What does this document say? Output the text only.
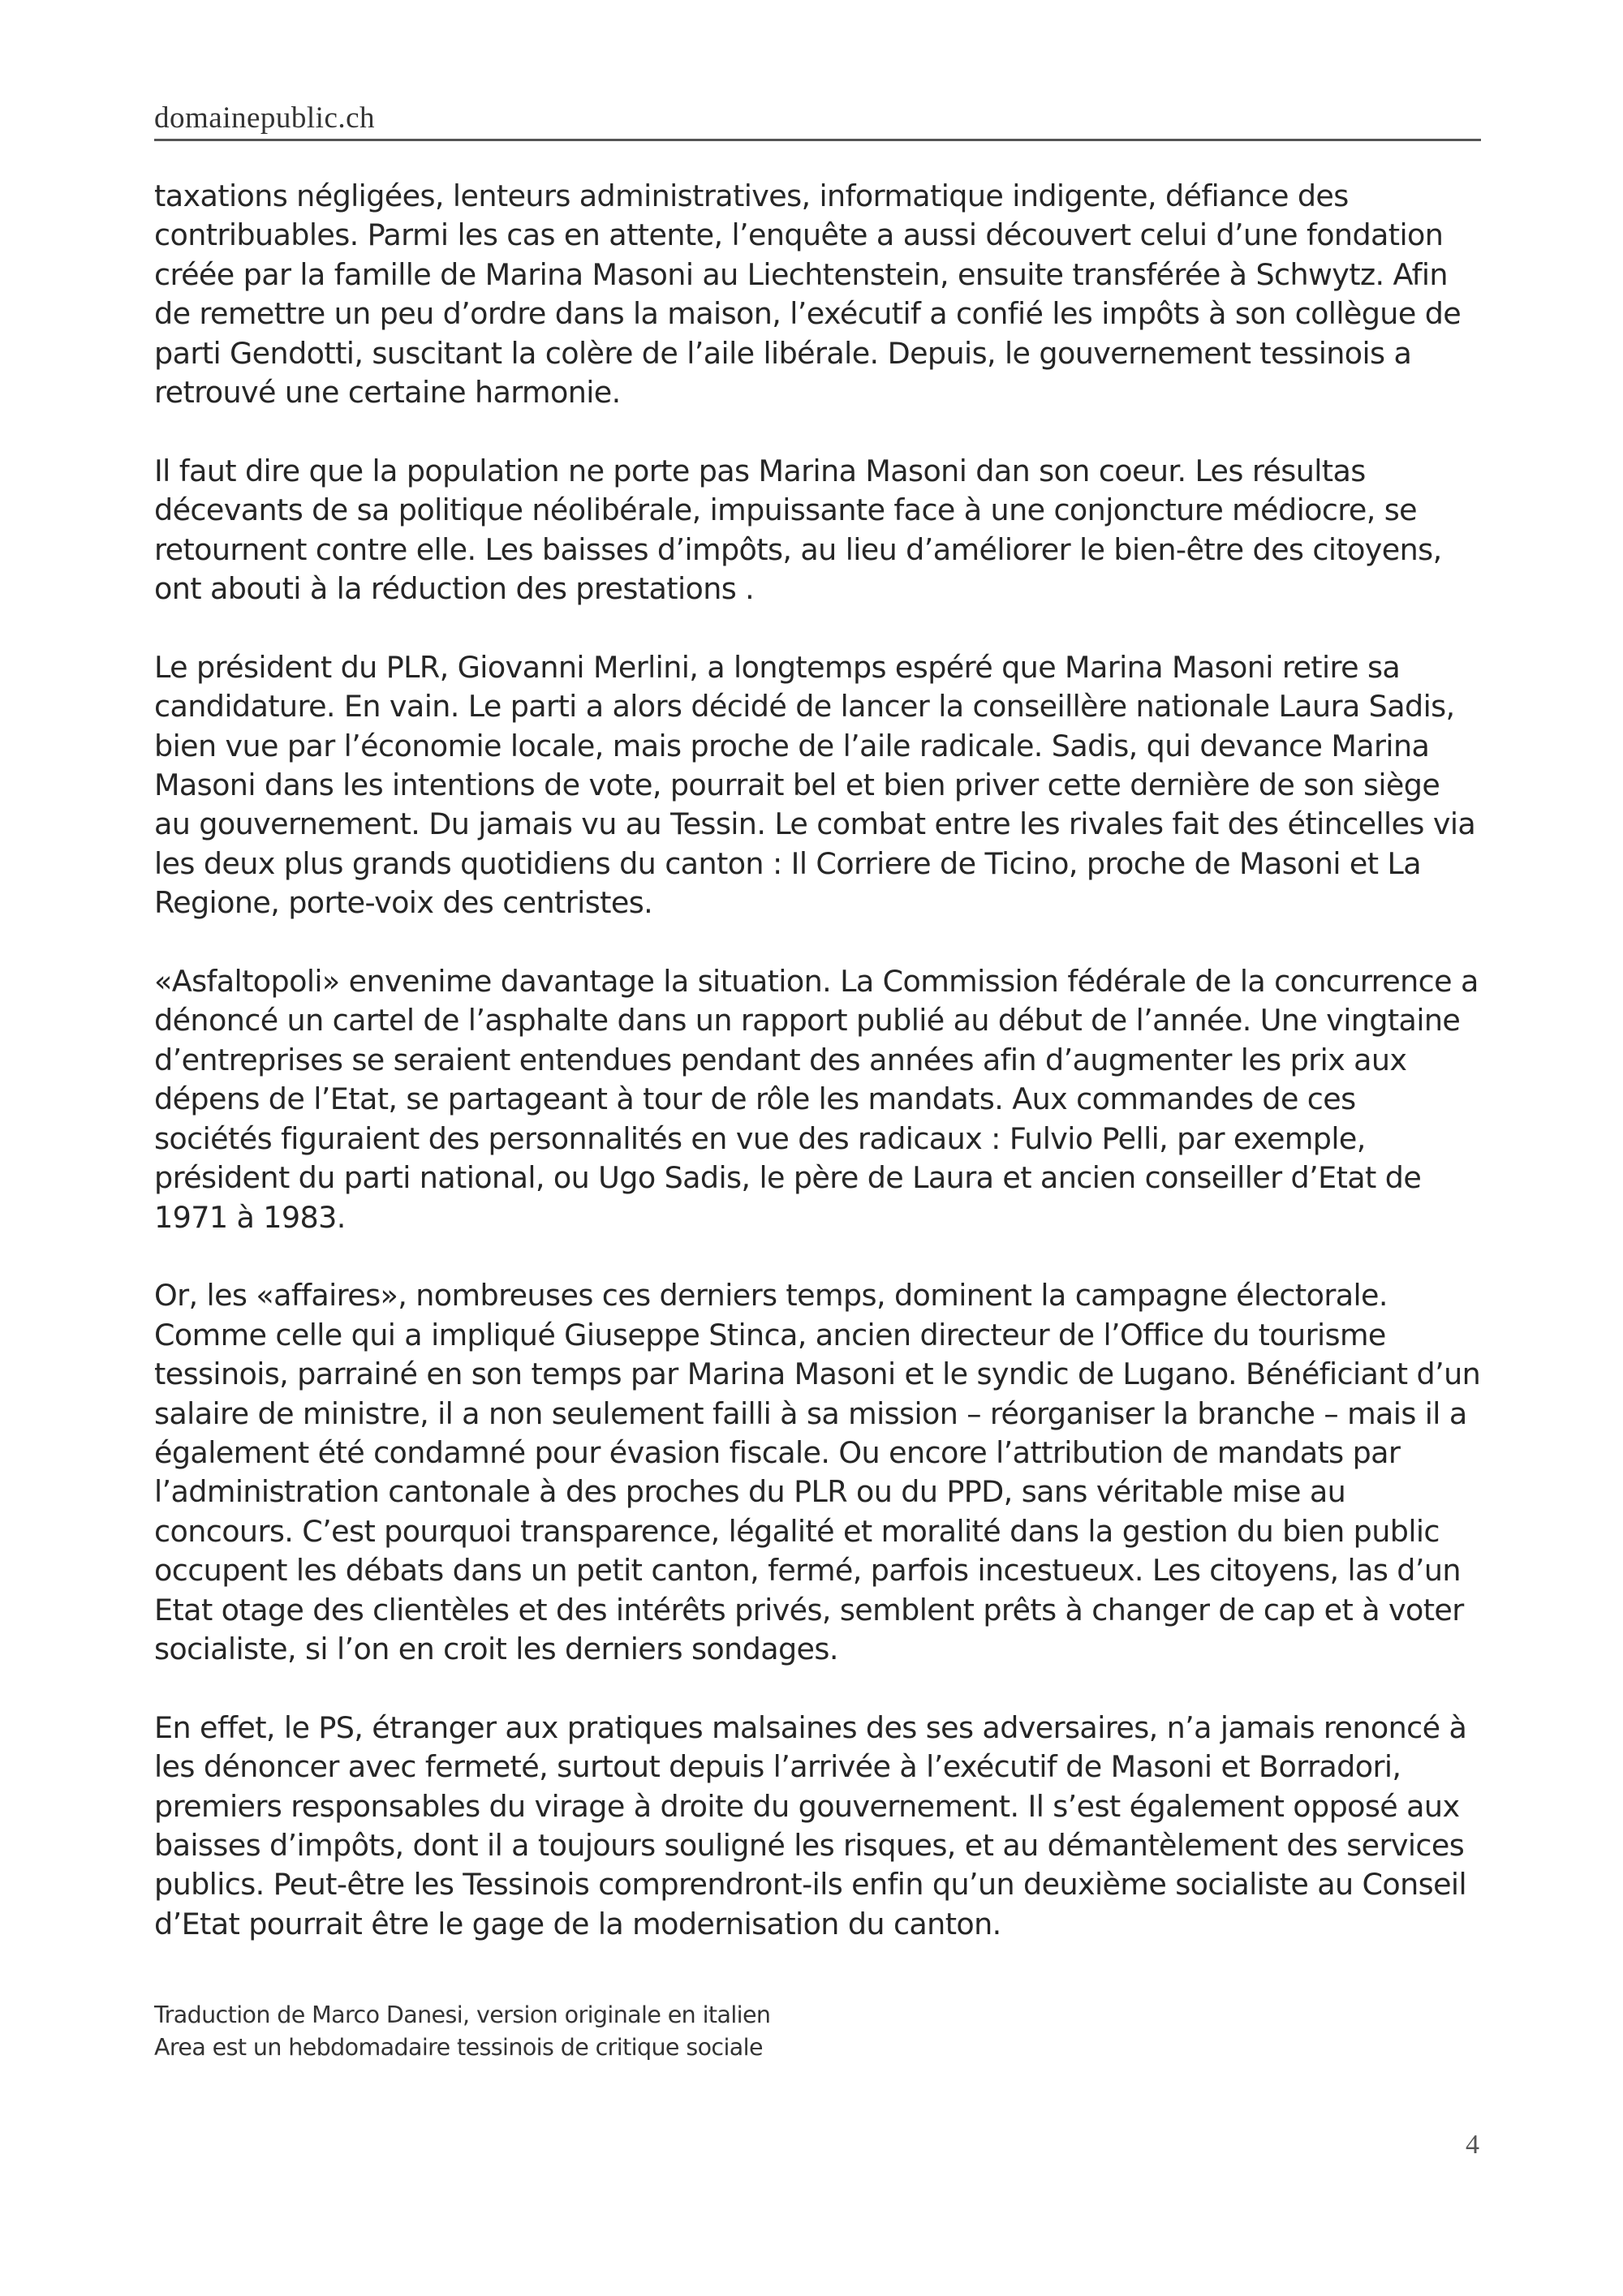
domainepublic.ch

taxations négligées, lenteurs administratives, informatique indigente, défiance des contribuables. Parmi les cas en attente, l’enquête a aussi découvert celui d’une fondation créée par la famille de Marina Masoni au Liechtenstein, ensuite transférée à Schwytz. Afin de remettre un peu d’ordre dans la maison, l’exécutif a confié les impôts à son collègue de parti Gendotti, suscitant la colère de l’aile libérale. Depuis, le gouvernement tessinois a retrouvé une certaine harmonie.

Il faut dire que la population ne porte pas Marina Masoni dan son coeur. Les résultas décevants de sa politique néolibérale, impuissante face à une conjoncture médiocre, se retournent contre elle. Les baisses d’impôts, au lieu d’améliorer le bien-être des citoyens, ont abouti à la réduction des prestations .

Le président du PLR, Giovanni Merlini, a longtemps espéré que Marina Masoni retire sa candidature. En vain. Le parti a alors décidé de lancer la conseillère nationale Laura Sadis, bien vue par l’économie locale, mais proche de l’aile radicale. Sadis, qui devance Marina Masoni dans les intentions de vote, pourrait bel et bien priver cette dernière de son siège au gouvernement. Du jamais vu au Tessin. Le combat entre les rivales fait des étincelles via les deux plus grands quotidiens du canton : Il Corriere de Ticino, proche de Masoni et La Regione, porte-voix des centristes.

«Asfaltopoli» envenime davantage la situation. La Commission fédérale de la concurrence a dénoncé un cartel de l’asphalte dans un rapport publié au début de l’année. Une vingtaine d’entreprises se seraient entendues pendant des années afin d’augmenter les prix aux dépens de l’Etat, se partageant à tour de rôle les mandats. Aux commandes de ces sociétés figuraient des personnalités en vue des radicaux : Fulvio Pelli, par exemple, président du parti national, ou Ugo Sadis, le père de Laura et ancien conseiller d’Etat de 1971 à 1983.

Or, les «affaires», nombreuses ces derniers temps, dominent la campagne électorale. Comme celle qui a impliqué Giuseppe Stinca, ancien directeur de l’Office du tourisme tessinois, parrainé en son temps par Marina Masoni et le syndic de Lugano. Bénéficiant d’un salaire de ministre, il a non seulement failli à sa mission – réorganiser la branche – mais il a également été condamné pour évasion fiscale. Ou encore l’attribution de mandats par l’administration cantonale à des proches du PLR ou du PPD, sans véritable mise au concours. C’est pourquoi transparence, légalité et moralité dans la gestion du bien public occupent les débats dans un petit canton, fermé, parfois incestueux. Les citoyens, las d’un Etat otage des clientèles et des intérêts privés, semblent prêts à changer de cap et à voter socialiste, si l’on en croit les derniers sondages.

En effet, le PS, étranger aux pratiques malsaines des ses adversaires, n’a jamais renoncé à les dénoncer avec fermeté, surtout depuis l’arrivée à l’exécutif de Masoni et Borradori, premiers responsables du virage à droite du gouvernement. Il s’est également opposé aux baisses d’impôts, dont il a toujours souligné les risques, et au démantèlement des services publics. Peut-être les Tessinois comprendront-ils enfin qu’un deuxième socialiste au Conseil d’Etat pourrait être le gage de la modernisation du canton.

Traduction de Marco Danesi, version originale en italien
Area est un hebdomadaire tessinois de critique sociale
4
